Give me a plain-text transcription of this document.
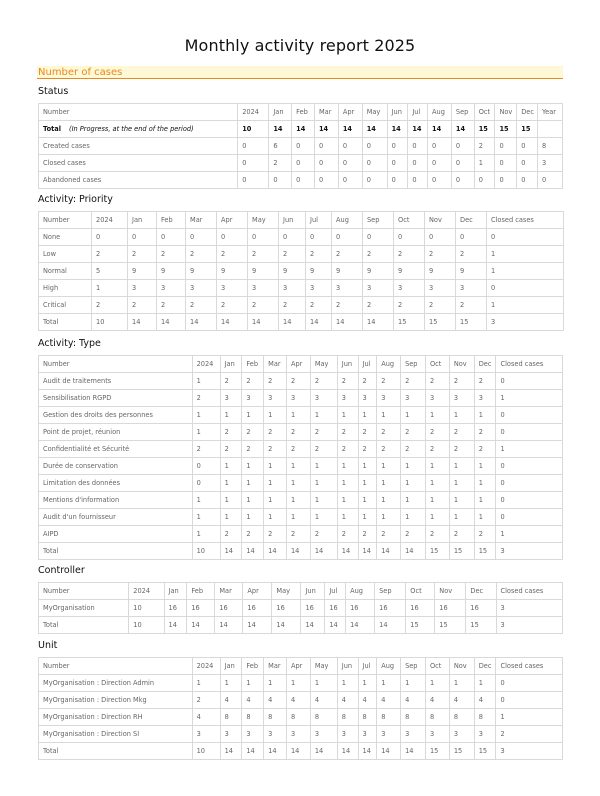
Monthly activity report 2025
Number of cases
Status
Number	2024	Jan	Feb	Mar	Apr	May	Jun	Jul	Aug	Sep	Oct	Nov	Dec	Year
Total (In Progress, at the end of the period)	10	14	14	14	14	14	14	14	14	14	15	15	15	
Created cases	0	6	0	0	0	0	0	0	0	0	2	0	0	8
Closed cases	0	2	0	0	0	0	0	0	0	0	1	0	0	3
Abandoned cases	0	0	0	0	0	0	0	0	0	0	0	0	0	0
Activity: Priority
Number	2024	Jan	Feb	Mar	Apr	May	Jun	Jul	Aug	Sep	Oct	Nov	Dec	Closed cases
None	0	0	0	0	0	0	0	0	0	0	0	0	0	0
Low	2	2	2	2	2	2	2	2	2	2	2	2	2	1
Normal	5	9	9	9	9	9	9	9	9	9	9	9	9	1
High	1	3	3	3	3	3	3	3	3	3	3	3	3	0
Critical	2	2	2	2	2	2	2	2	2	2	2	2	2	1
Total	10	14	14	14	14	14	14	14	14	14	15	15	15	3
Activity: Type
Number	2024	Jan	Feb	Mar	Apr	May	Jun	Jul	Aug	Sep	Oct	Nov	Dec	Closed cases
Audit de traitements	1	2	2	2	2	2	2	2	2	2	2	2	2	0
Sensibilisation RGPD	2	3	3	3	3	3	3	3	3	3	3	3	3	1
Gestion des droits des personnes	1	1	1	1	1	1	1	1	1	1	1	1	1	0
Point de projet, réunion	1	2	2	2	2	2	2	2	2	2	2	2	2	0
Confidentialité et Sécurité	2	2	2	2	2	2	2	2	2	2	2	2	2	1
Durée de conservation	0	1	1	1	1	1	1	1	1	1	1	1	1	0
Limitation des données	0	1	1	1	1	1	1	1	1	1	1	1	1	0
Mentions d'information	1	1	1	1	1	1	1	1	1	1	1	1	1	0
Audit d'un fournisseur	1	1	1	1	1	1	1	1	1	1	1	1	1	0
AIPD	1	2	2	2	2	2	2	2	2	2	2	2	2	1
Total	10	14	14	14	14	14	14	14	14	14	15	15	15	3
Controller
Number	2024	Jan	Feb	Mar	Apr	May	Jun	Jul	Aug	Sep	Oct	Nov	Dec	Closed cases
MyOrganisation	10	16	16	16	16	16	16	16	16	16	16	16	16	3
Total	10	14	14	14	14	14	14	14	14	14	15	15	15	3
Unit
Number	2024	Jan	Feb	Mar	Apr	May	Jun	Jul	Aug	Sep	Oct	Nov	Dec	Closed cases
MyOrganisation : Direction Admin	1	1	1	1	1	1	1	1	1	1	1	1	1	0
MyOrganisation : Direction Mkg	2	4	4	4	4	4	4	4	4	4	4	4	4	0
MyOrganisation : Direction RH	4	8	8	8	8	8	8	8	8	8	8	8	8	1
MyOrganisation : Direction SI	3	3	3	3	3	3	3	3	3	3	3	3	3	2
Total	10	14	14	14	14	14	14	14	14	14	15	15	15	3
